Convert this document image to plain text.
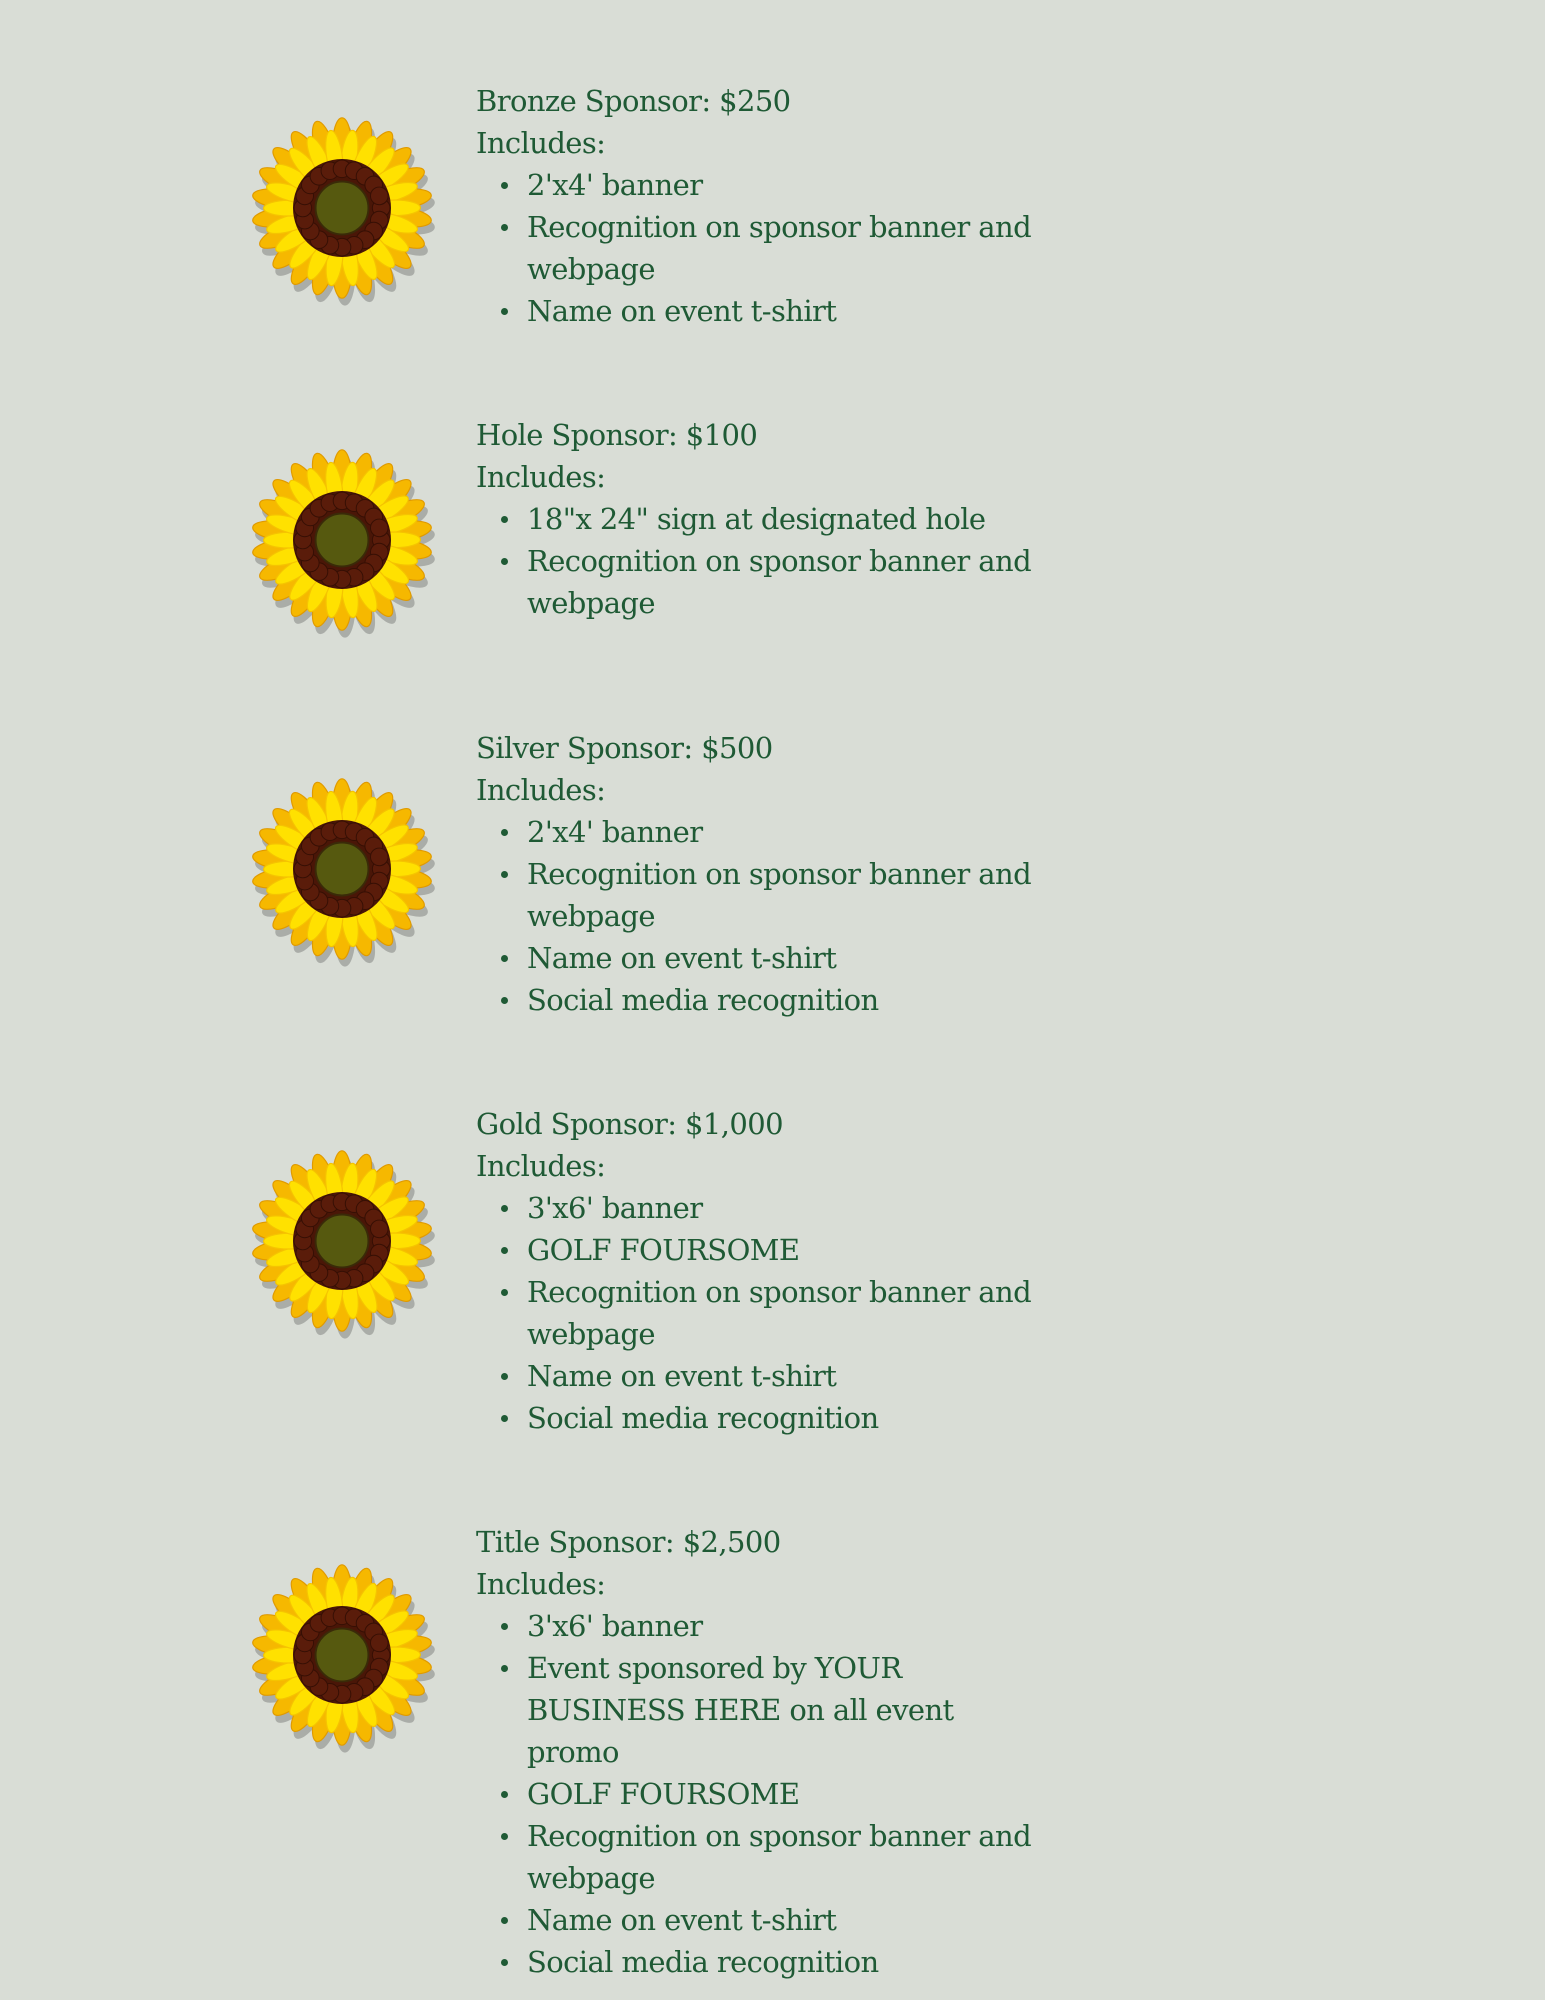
Bronze Sponsor: $250

Includes:

2'x4' banner
Recognition on sponsor banner and webpage
Name on event t-shirt

Hole Sponsor: $100

Includes:

18"x 24" sign at designated hole
Recognition on sponsor banner and webpage

Silver Sponsor: $500

Includes:

2'x4' banner
Recognition on sponsor banner and webpage
Name on event t-shirt
Social media recognition

Gold Sponsor: $1,000

Includes:

3'x6' banner
GOLF FOURSOME
Recognition on sponsor banner and webpage
Name on event t-shirt
Social media recognition

Title Sponsor: $2,500

Includes:

3'x6' banner
Event sponsored by YOUR BUSINESS HERE on all event promo
GOLF FOURSOME
Recognition on sponsor banner and webpage
Name on event t-shirt
Social media recognition
